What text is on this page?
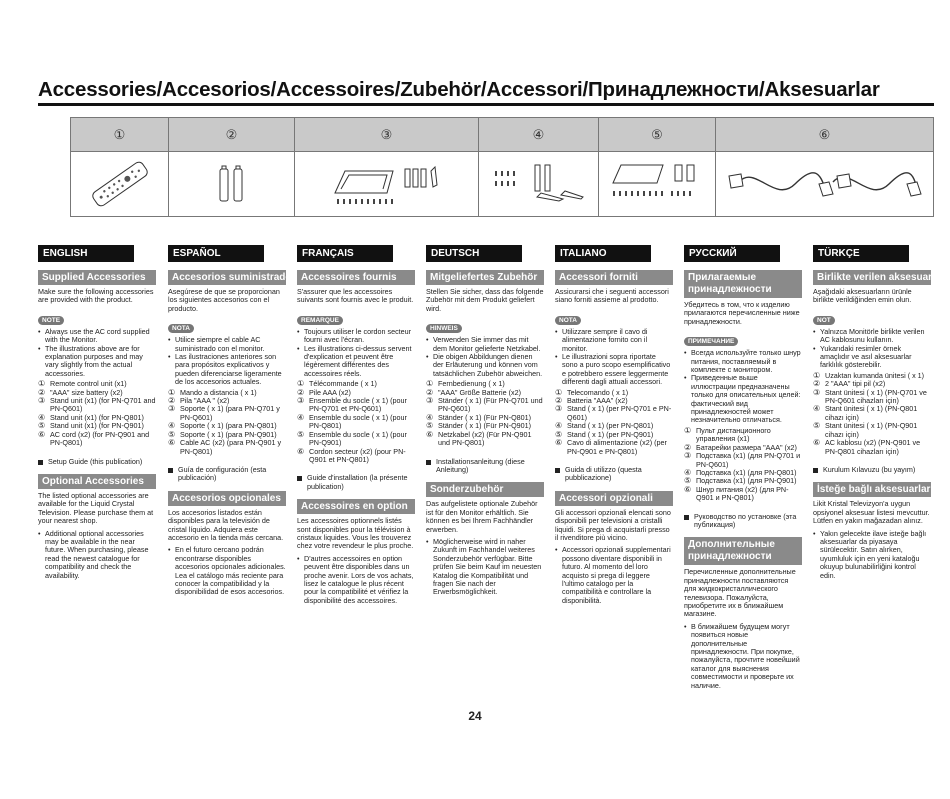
Accessories/Accesorios/Accessoires/Zubehör/Accessori/Принадлежности/Aksesuarlar
①	②	③	④	⑤	⑥
ENGLISH
Supplied Accessories
Make sure the following accessories are provided with the product.
NOTE
• Always use the AC cord supplied with the Monitor.
• The illustrations above are for explanation purposes and may vary slightly from the actual accessories.
① Remote control unit (x1)
② "AAA" size battery (x2)
③ Stand unit (x1) (for PN-Q701 and PN-Q601)
④ Stand unit (x1) (for PN-Q801)
⑤ Stand unit (x1) (for PN-Q901)
⑥ AC cord (x2) (for PN-Q901 and PN-Q801)
Setup Guide (this publication)
Optional Accessories
The listed optional accessories are available for the Liquid Crystal Television. Please purchase them at your nearest shop.
• Additional optional accessories may be available in the near future. When purchasing, please read the newest catalogue for compatibility and check the availability.
ESPAÑOL
Accesorios suministrados
Asegúrese de que se proporcionan los siguientes accesorios con el producto.
NOTA
• Utilice siempre el cable AC suministrado con el monitor.
• Las ilustraciones anteriores son para propósitos explicativos y pueden diferenciarse ligeramente de los accesorios actuales.
① Mando a distancia ( x 1)
② Pila "AAA " (x2)
③ Soporte ( x 1) (para PN-Q701 y PN-Q601)
④ Soporte ( x 1) (para PN-Q801)
⑤ Soporte ( x 1) (para PN-Q901)
⑥ Cable AC (x2) (para PN-Q901 y PN-Q801)
Guía de configuración (esta publicación)
Accesorios opcionales
Los accesorios listados están disponibles para la televisión de cristal líquido. Adquiera este accesorio en la tienda más cercana.
• En el futuro cercano podrán encontrarse disponibles accesorios opcionales adicionales. Lea el catálogo más reciente para conocer la compatibilidad y la disponibilidad de esos accesorios.
FRANÇAIS
Accessoires fournis
S'assurer que les accessoires suivants sont fournis avec le produit.
REMARQUE
• Toujours utiliser le cordon secteur fourni avec l'écran.
• Les illustrations ci-dessus servent d'explication et peuvent être légèrement différentes des accessoires réels.
① Télécommande ( x 1)
② Pile AAA (x2)
③ Ensemble du socle ( x 1) (pour PN-Q701 et PN-Q601)
④ Ensemble du socle ( x 1) (pour PN-Q801)
⑤ Ensemble du socle ( x 1) (pour PN-Q901)
⑥ Cordon secteur (x2) (pour PN-Q901 et PN-Q801)
Guide d'installation (la présente publication)
Accessoires en option
Les accessoires optionnels listés sont disponibles pour la télévision à cristaux liquides. Vous les trouverez chez votre revendeur le plus proche.
• D'autres accessoires en option peuvent être disponibles dans un proche avenir. Lors de vos achats, lisez le catalogue le plus récent pour la compatibilité et vérifiez la disponibilité des accessoires.
DEUTSCH
Mitgeliefertes Zubehör
Stellen Sie sicher, dass das folgende Zubehör mit dem Produkt geliefert wird.
HINWEIS
• Verwenden Sie immer das mit dem Monitor gelieferte Netzkabel.
• Die obigen Abbildungen dienen der Erläuterung und können vom tatsächlichen Zubehör abweichen.
① Fernbedienung ( x 1)
② "AAA" Größe Batterie (x2)
③ Ständer ( x 1) (Für PN-Q701 und PN-Q601)
④ Ständer ( x 1) (Für PN-Q801)
⑤ Ständer ( x 1) (Für PN-Q901)
⑥ Netzkabel (x2) (Für PN-Q901 und PN-Q801)
Installationsanleitung (diese Anleitung)
Sonderzubehör
Das aufgelistete optionale Zubehör ist für den Monitor erhältlich. Sie können es bei Ihrem Fachhändler erwerben.
• Möglicherweise wird in naher Zukunft im Fachhandel weiteres Sonderzubehör verfügbar. Bitte prüfen Sie beim Kauf im neuesten Katalog die Kompatibilität und fragen Sie nach der Erwerbsmöglichkeit.
ITALIANO
Accessori forniti
Assicurarsi che i seguenti accessori siano forniti assieme al prodotto.
NOTA
• Utilizzare sempre il cavo di alimentazione fornito con il monitor.
• Le illustrazioni sopra riportate sono a puro scopo esemplificativo e potrebbero essere leggermente differenti dagli attuali accessori.
① Telecomando ( x 1)
② Batteria "AAA" (x2)
③ Stand ( x 1) (per PN-Q701 e PN-Q601)
④ Stand ( x 1) (per PN-Q801)
⑤ Stand ( x 1) (per PN-Q901)
⑥ Cavo di alimentazione (x2) (per PN-Q901 e PN-Q801)
Guida di utilizzo (questa pubblicazione)
Accessori opzionali
Gli accessori opzionali elencati sono disponibili per televisioni a cristalli liquidi. Si prega di acquistarli presso il rivenditore più vicino.
• Accessori opzionali supplementari possono diventare disponibili in futuro. Al momento del loro acquisto si prega di leggere l'ultimo catalogo per la compatibilità e controllare la disponibilità.
РУССКИЙ
Прилагаемые принадлежности
Убедитесь в том, что к изделию прилагаются перечисленные ниже принадлежности.
ПРИМЕЧАНИЕ
• Всегда используйте только шнур питания, поставляемый в комплекте с монитором.
• Приведенные выше иллюстрации предназначены только для описательных целей: фактический вид принадлежностей может незначительно отличаться.
① Пульт дистанционного управления (x1)
② Батарейки размера "AAA" (x2)
③ Подставка (x1) (для PN-Q701 и PN-Q601)
④ Подставка (x1) (для PN-Q801)
⑤ Подставка (x1) (для PN-Q901)
⑥ Шнур питания (x2) (для PN-Q901 и PN-Q801)
Руководство по установке (эта публикация)
Дополнительные принадлежности
Перечисленные дополнительные принадлежности поставляются для жидкокристаллического телевизора. Пожалуйста, приобретите их в ближайшем магазине.
• В ближайшем будущем могут появиться новые дополнительные принадлежности. При покупке, пожалуйста, прочтите новейший каталог для выяснения совместимости и проверьте их наличие.
TÜRKÇE
Birlikte verilen aksesuarlar
Aşağıdaki aksesuarların ürünle birlikte verildiğinden emin olun.
NOT
• Yalnızca Monitörle birlikte verilen AC kablosunu kullanın.
• Yukarıdaki resimler örnek amaçlıdır ve asıl aksesuarlar farklılık gösterebilir.
① Uzaktan kumanda ünitesi ( x 1)
② 2 "AAA" tipi pil (x2)
③ Stant ünitesi ( x 1) (PN-Q701 ve PN-Q601 cihazları için)
④ Stant ünitesi ( x 1) (PN-Q801 cihazı için)
⑤ Stant ünitesi ( x 1) (PN-Q901 cihazı için)
⑥ AC kablosu (x2) (PN-Q901 ve PN-Q801 cihazları için)
Kurulum Kılavuzu (bu yayım)
İsteğe bağlı aksesuarlar
Likit Kristal Televizyon'a uygun opsiyonel aksesuar listesi mevcuttur. Lütfen en yakın mağazadan alınız.
• Yakın gelecekte ilave isteğe bağlı aksesuarlar da piyasaya sürülecektir. Satın alırken, uyumluluk için en yeni kataloğu okuyup bulunabilirliğini kontrol edin.
24
